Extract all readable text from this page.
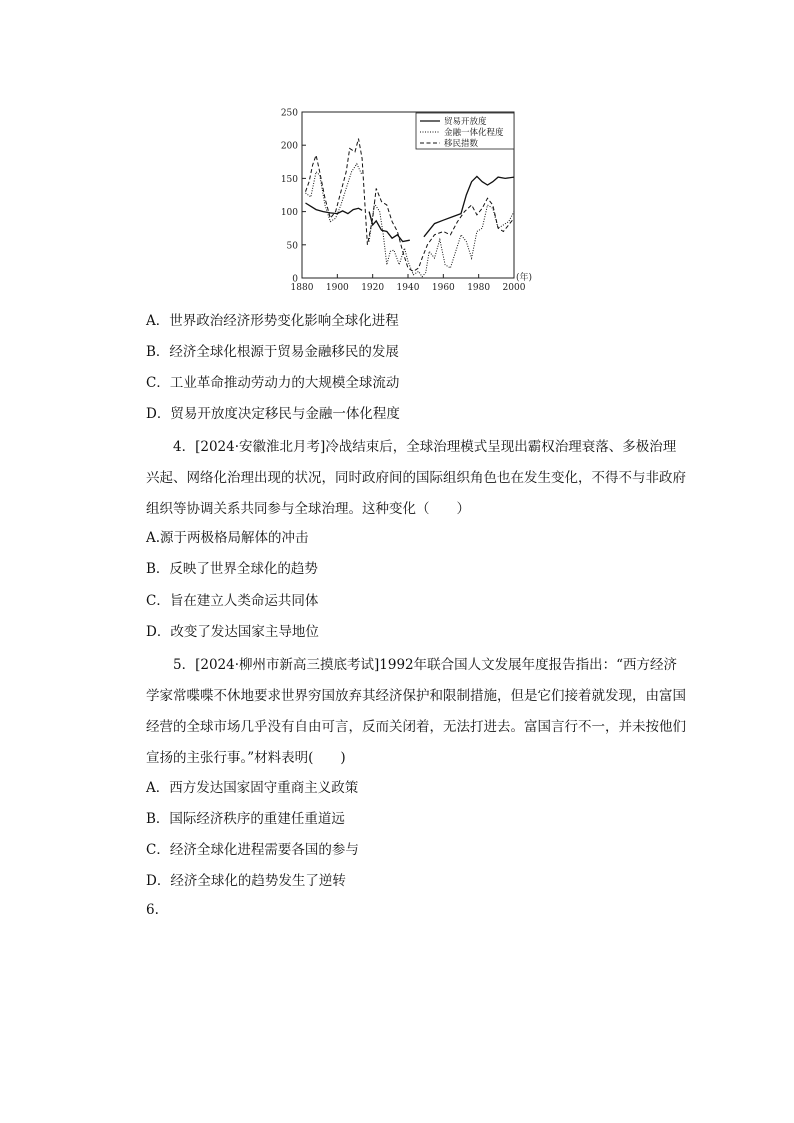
0
50
100
150
200
250
1880 1900 1920 1940 1960 1980 2000
(年)
贸易开放度
金融一体化程度
移民措数
A．世界政治经济形势变化影响全球化进程
B．经济全球化根源于贸易金融移民的发展
C．工业革命推动劳动力的大规模全球流动
D．贸易开放度决定移民与金融一体化程度
4．[2024·安徽淮北月考]冷战结束后，全球治理模式呈现出霸权治理衰落、多极治理
兴起、网络化治理出现的状况，同时政府间的国际组织角色也在发生变化，不得不与非政府
组织等协调关系共同参与全球治理。这种变化（　　）
A.源于两极格局解体的冲击
B．反映了世界全球化的趋势
C．旨在建立人类命运共同体
D．改变了发达国家主导地位
5．[2024·柳州市新高三摸底考试]1992年联合国人文发展年度报告指出：“西方经济
学家常喋喋不休地要求世界穷国放弃其经济保护和限制措施，但是它们接着就发现，由富国
经营的全球市场几乎没有自由可言，反而关闭着，无法打进去。富国言行不一，并未按他们
宣扬的主张行事。”材料表明(　　)
A．西方发达国家固守重商主义政策
B．国际经济秩序的重建任重道远
C．经济全球化进程需要各国的参与
D．经济全球化的趋势发生了逆转
6.
